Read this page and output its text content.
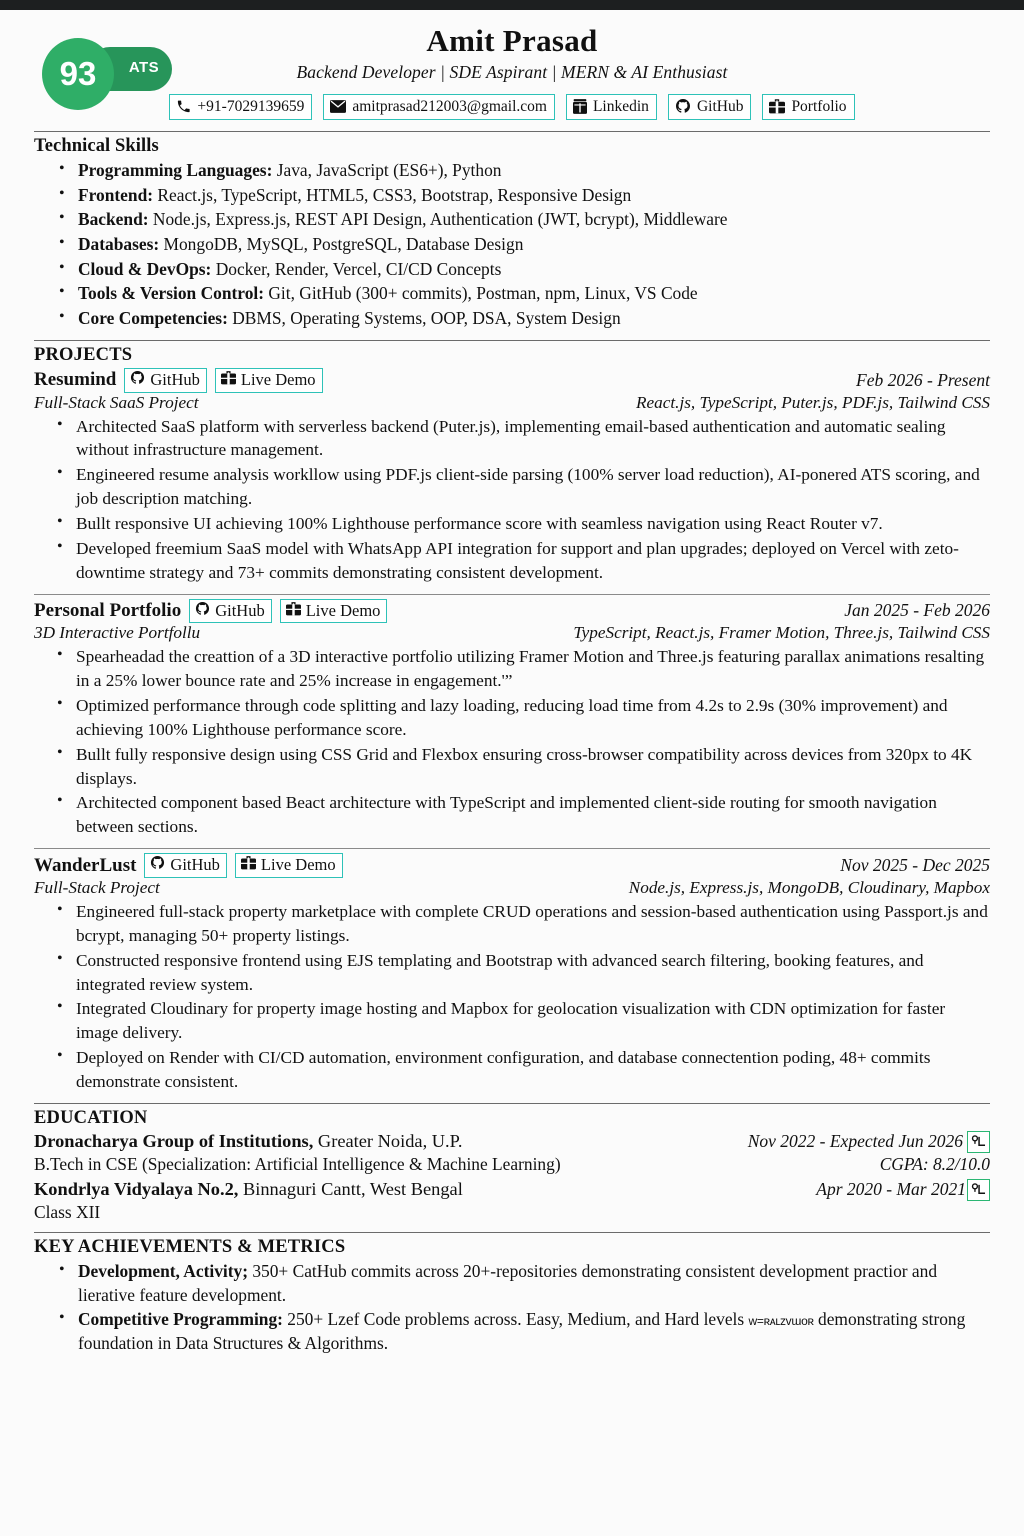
ATS
93
Amit Prasad
Backend Developer | SDE Aspirant | MERN & AI Enthusiast
+91-7029139659	amitprasad212003@gmail.com	Linkedin	GitHub	Portfolio
Technical Skills
• Programming Languages: Java, JavaScript (ES6+), Python
• Frontend: React.js, TypeScript, HTML5, CSS3, Bootstrap, Responsive Design
• Backend: Node.js, Express.js, REST API Design, Authentication (JWT, bcrypt), Middleware
• Databases: MongoDB, MySQL, PostgreSQL, Database Design
• Cloud & DevOps: Docker, Render, Vercel, CI/CD Concepts
• Tools & Version Control: Git, GitHub (300+ commits), Postman, npm, Linux, VS Code
• Core Competencies: DBMS, Operating Systems, OOP, DSA, System Design
PROJECTS
Resumind GitHub Live Demo	Feb 2026 - Present
Full-Stack SaaS Project	React.js, TypeScript, Puter.js, PDF.js, Tailwind CSS
• Architected SaaS platform with serverless backend (Puter.js), implementing email-based authentication and automatic sealing without infrastructure management.
• Engineered resume analysis workllow using PDF.js client-side parsing (100% server load reduction), AI-ponered ATS scoring, and job description matching.
• Bullt responsive UI achieving 100% Lighthouse performance score with seamless navigation using React Router v7.
• Developed freemium SaaS model with WhatsApp API integration for support and plan upgrades; deployed on Vercel with zeto-downtime strategy and 73+ commits demonstrating consistent development.
Personal Portfolio GitHub Live Demo	Jan 2025 - Feb 2026
3D Interactive Portfollu	TypeScript, React.js, Framer Motion, Three.js, Tailwind CSS
• Spearheadad the creattion of a 3D interactive portfolio utilizing Framer Motion and Three.js featuring parallax animations resalting in a 25% lower bounce rate and 25% increase in engagement.'”
• Optimized performance through code splitting and lazy loading, reducing load time from 4.2s to 2.9s (30% improvement) and achieving 100% Lighthouse performance score.
• Bullt fully responsive design using CSS Grid and Flexbox ensuring cross-browser compatibility across devices from 320px to 4K displays.
• Architected component based Beact architecture with TypeScript and implemented client-side routing for smooth navigation between sections.
WanderLust GitHub Live Demo	Nov 2025 - Dec 2025
Full-Stack Project	Node.js, Express.js, MongoDB, Cloudinary, Mapbox
• Engineered full-stack property marketplace with complete CRUD operations and session-based authentication using Passport.js and bcrypt, managing 50+ property listings.
• Constructed responsive frontend using EJS templating and Bootstrap with advanced search filtering, booking features, and integrated review system.
• Integrated Cloudinary for property image hosting and Mapbox for geolocation visualization with CDN optimization for faster image delivery.
• Deployed on Render with CI/CD automation, environment configuration, and database connectention poding, 48+ commits demonstrate consistent.
EDUCATION
Dronacharya Group of Institutions, Greater Noida, U.P.	Nov 2022 - Expected Jun 2026
B.Tech in CSE (Specialization: Artificial Intelligence & Machine Learning)	CGPA: 8.2/10.0
Kondrlya Vidyalaya No.2, Binnaguri Cantt, West Bengal	Apr 2020 - Mar 2021
Class XII
KEY ACHIEVEMENTS & METRICS
• Development, Activity; 350+ CatHub commits across 20+-repositories demonstrating consistent development practior and lierative feature development.
• Competitive Programming: 250+ Lzef Code problems across. Easy, Medium, and Hard levels w=ʀᴀʟzᴠɯоʀ demonstrating strong foundation in Data Structures & Algorithms.
